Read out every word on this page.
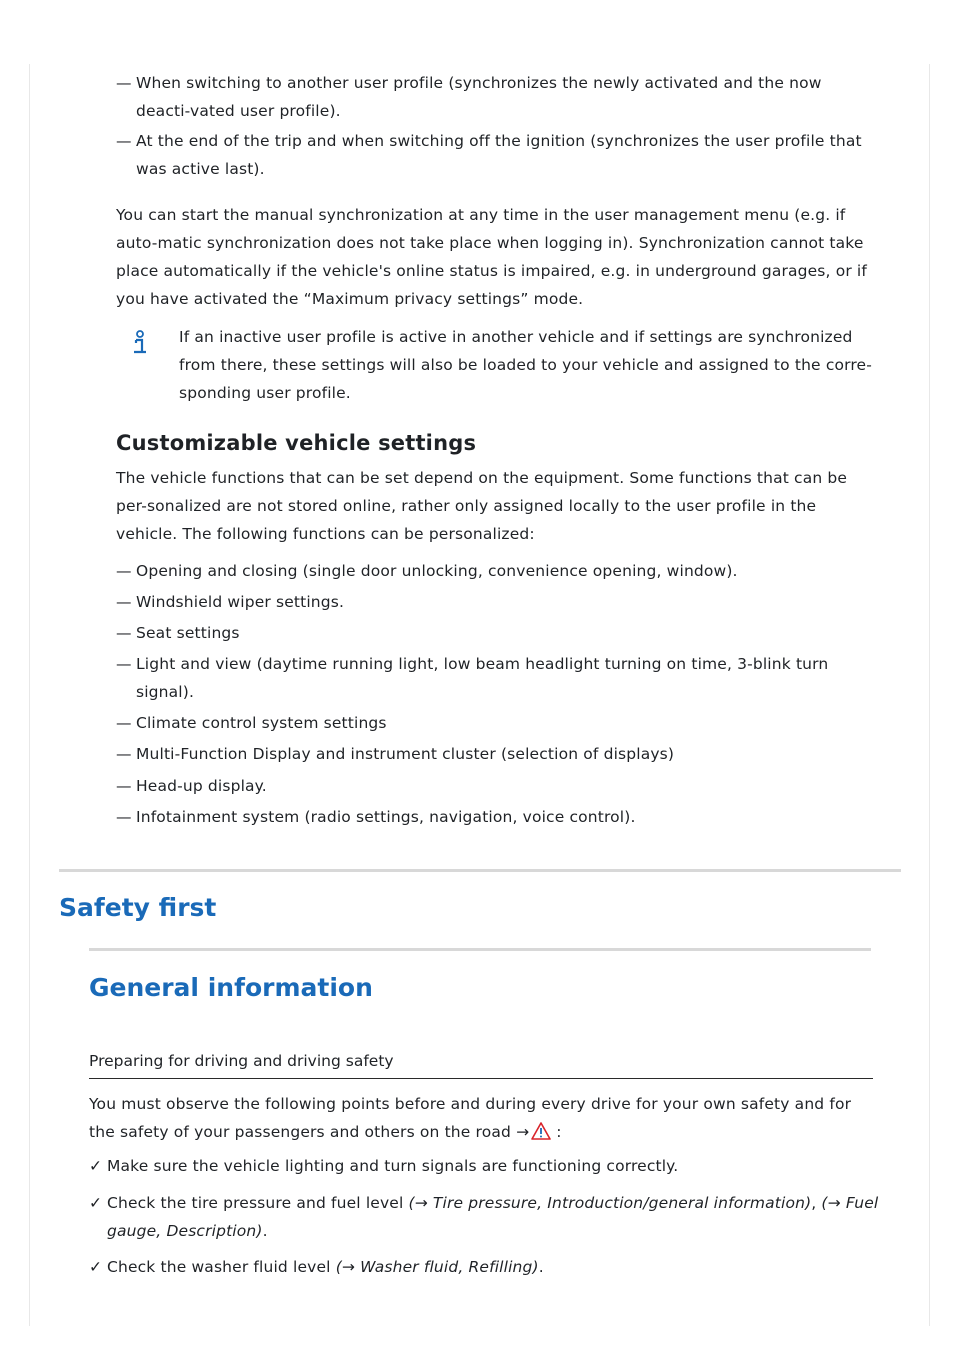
— When switching to another user profile (synchronizes the newly activated and the now deacti-vated user profile).
— At the end of the trip and when switching off the ignition (synchronizes the user profile that was active last).

You can start the manual synchronization at any time in the user management menu (e.g. if auto-matic synchronization does not take place when logging in). Synchronization cannot take place automatically if the vehicle's online status is impaired, e.g. in underground garages, or if you have activated the “Maximum privacy settings” mode.

If an inactive user profile is active in another vehicle and if settings are synchronized from there, these settings will also be loaded to your vehicle and assigned to the corre-sponding user profile.

Customizable vehicle settings

The vehicle functions that can be set depend on the equipment. Some functions that can be per-sonalized are not stored online, rather only assigned locally to the user profile in the vehicle. The following functions can be personalized:

— Opening and closing (single door unlocking, convenience opening, window).
— Windshield wiper settings.
— Seat settings
— Light and view (daytime running light, low beam headlight turning on time, 3-blink turn signal).
— Climate control system settings
— Multi-Function Display and instrument cluster (selection of displays)
— Head-up display.
— Infotainment system (radio settings, navigation, voice control).
Safety first
General information
Preparing for driving and driving safety

You must observe the following points before and during every drive for your own safety and for the safety of your passengers and others on the road → :

✓ Make sure the vehicle lighting and turn signals are functioning correctly.
✓ Check the tire pressure and fuel level (→ Tire pressure, Introduction/general information), (→ Fuel gauge, Description).
✓ Check the washer fluid level (→ Washer fluid, Refilling).
